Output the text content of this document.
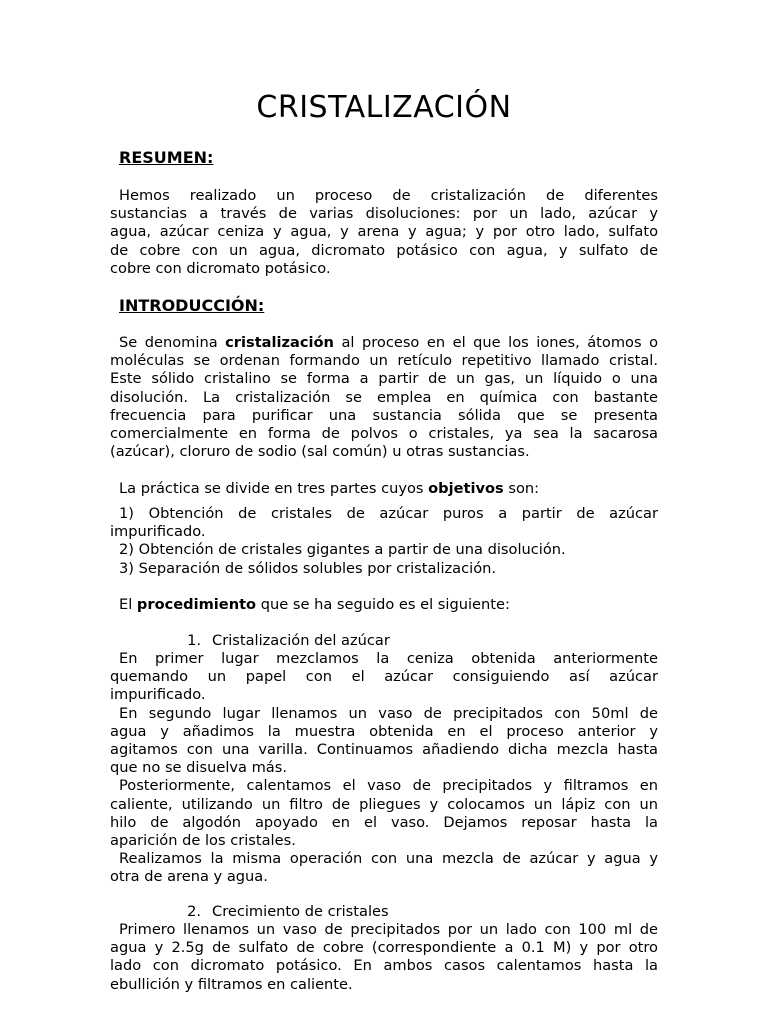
CRISTALIZACIÓN
RESUMEN:
Hemos realizado un proceso de cristalización de diferentes
sustancias a través de varias disoluciones: por un lado, azúcar y
agua, azúcar ceniza y agua, y arena y agua; y por otro lado, sulfato
de cobre con un agua, dicromato potásico con agua, y sulfato de
cobre con dicromato potásico.
INTRODUCCIÓN:
Se denomina cristalización al proceso en el que los iones, átomos o
moléculas se ordenan formando un retículo repetitivo llamado cristal.
Este sólido cristalino se forma a partir de un gas, un líquido o una
disolución. La cristalización se emplea en química con bastante
frecuencia para purificar una sustancia sólida que se presenta
comercialmente en forma de polvos o cristales, ya sea la sacarosa
(azúcar), cloruro de sodio (sal común) u otras sustancias.
La práctica se divide en tres partes cuyos objetivos son:
1) Obtención de cristales de azúcar puros a partir de azúcar
impurificado.
2) Obtención de cristales gigantes a partir de una disolución.
3) Separación de sólidos solubles por cristalización.
El procedimiento que se ha seguido es el siguiente:
1. Cristalización del azúcar
En primer lugar mezclamos la ceniza obtenida anteriormente
quemando un papel con el azúcar consiguiendo así azúcar
impurificado.
En segundo lugar llenamos un vaso de precipitados con 50ml de
agua y añadimos la muestra obtenida en el proceso anterior y
agitamos con una varilla. Continuamos añadiendo dicha mezcla hasta
que no se disuelva más.
Posteriormente, calentamos el vaso de precipitados y filtramos en
caliente, utilizando un filtro de pliegues y colocamos un lápiz con un
hilo de algodón apoyado en el vaso. Dejamos reposar hasta la
aparición de los cristales.
Realizamos la misma operación con una mezcla de azúcar y agua y
otra de arena y agua.
2. Crecimiento de cristales
Primero llenamos un vaso de precipitados por un lado con 100 ml de
agua y 2.5g de sulfato de cobre (correspondiente a 0.1 M) y por otro
lado con dicromato potásico. En ambos casos calentamos hasta la
ebullición y filtramos en caliente.
